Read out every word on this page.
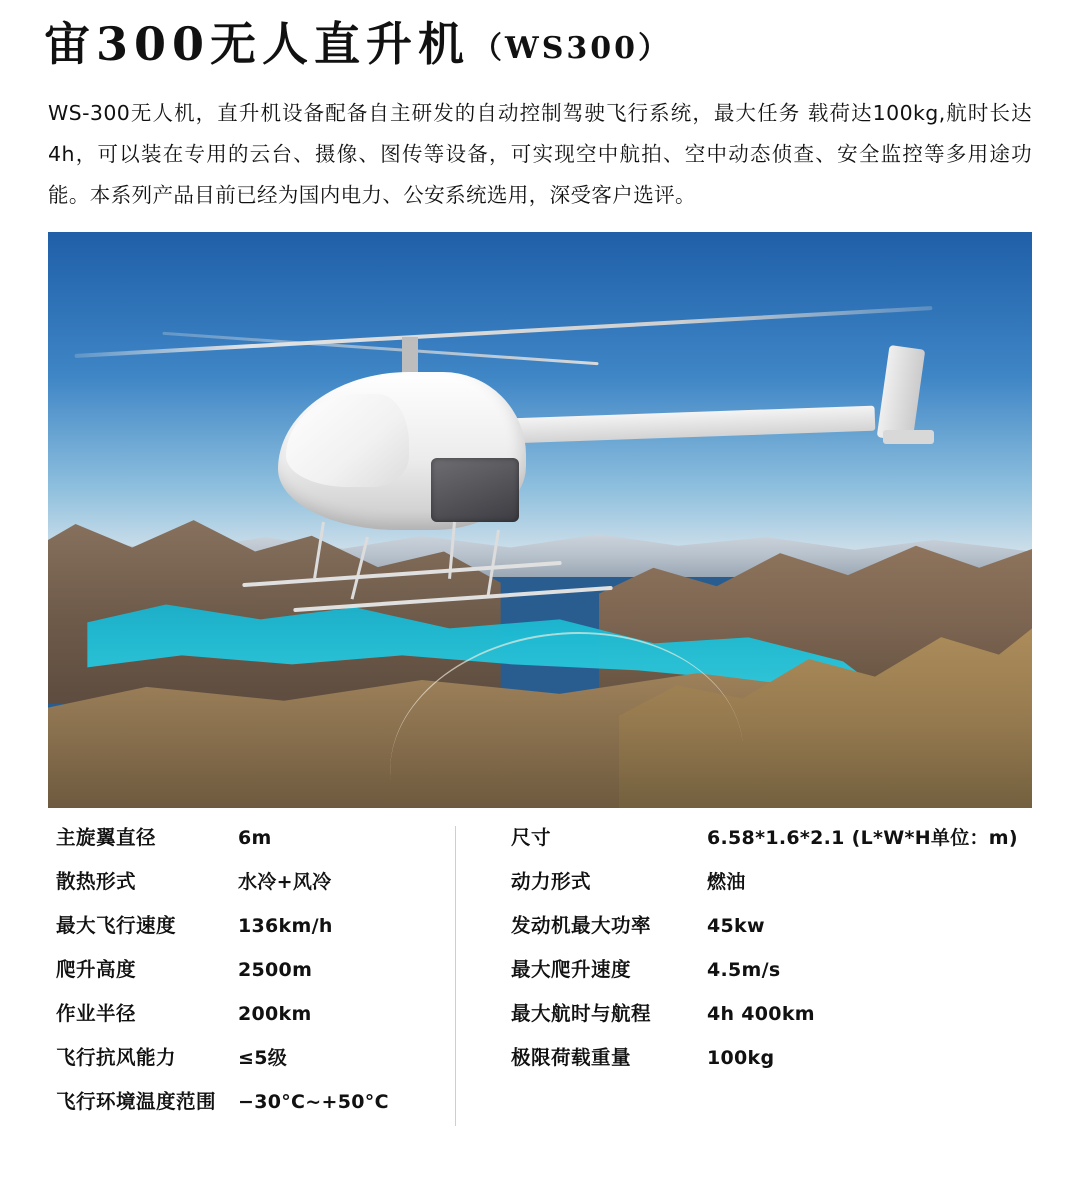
宙300无人直升机 （WS300）
WS-300无人机，直升机设备配备自主研发的自动控制驾驶飞行系统，最大任务 载荷达100kg,航时长达 4h，可以装在专用的云台、摄像、图传等设备，可实现空中航拍、空中动态侦查、安全监控等多用途功能。本系列产品目前已经为国内电力、公安系统选用，深受客户选评。
主旋翼直径	6m
散热形式	水冷+风冷
最大飞行速度	136km/h
爬升高度	2500m
作业半径	200km
飞行抗风能力	≤5级
飞行环境温度范围	−30°C~+50°C
尺寸	6.58*1.6*2.1 (L*W*H单位：m)
动力形式	燃油
发动机最大功率	45kw
最大爬升速度	4.5m/s
最大航时与航程	4h 400km
极限荷载重量	100kg
